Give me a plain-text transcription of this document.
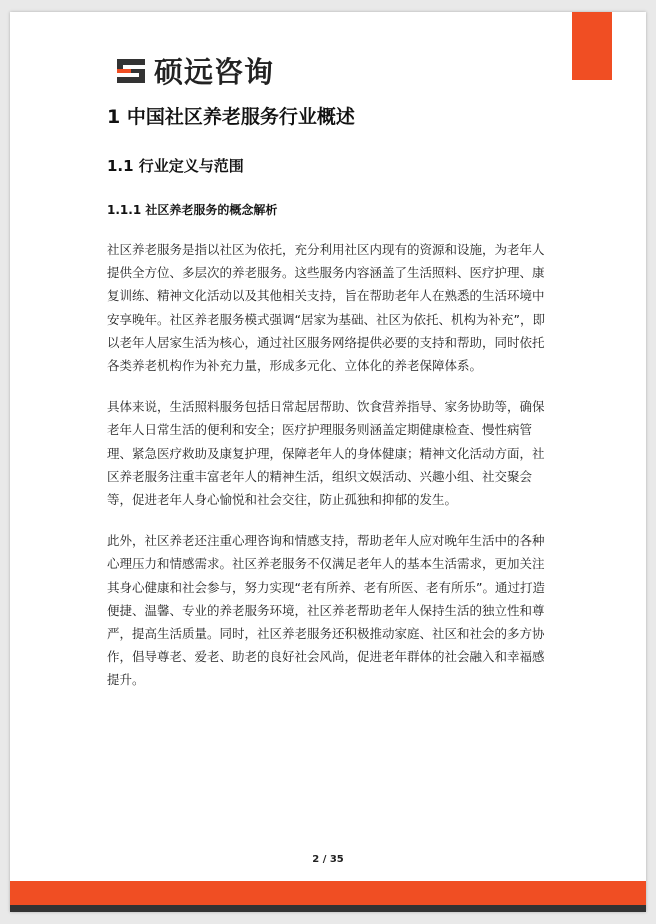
硕远咨询
1 中国社区养老服务行业概述
1.1 行业定义与范围
1.1.1 社区养老服务的概念解析

社区养老服务是指以社区为依托，充分利用社区内现有的资源和设施，为老年人提供全方位、多层次的养老服务。这些服务内容涵盖了生活照料、医疗护理、康复训练、精神文化活动以及其他相关支持，旨在帮助老年人在熟悉的生活环境中安享晚年。社区养老服务模式强调“居家为基础、社区为依托、机构为补充”，即以老年人居家生活为核心，通过社区服务网络提供必要的支持和帮助，同时依托各类养老机构作为补充力量，形成多元化、立体化的养老保障体系。

具体来说，生活照料服务包括日常起居帮助、饮食营养指导、家务协助等，确保老年人日常生活的便利和安全；医疗护理服务则涵盖定期健康检查、慢性病管理、紧急医疗救助及康复护理，保障老年人的身体健康；精神文化活动方面，社区养老服务注重丰富老年人的精神生活，组织文娱活动、兴趣小组、社交聚会等，促进老年人身心愉悦和社会交往，防止孤独和抑郁的发生。

此外，社区养老还注重心理咨询和情感支持，帮助老年人应对晚年生活中的各种心理压力和情感需求。社区养老服务不仅满足老年人的基本生活需求，更加关注其身心健康和社会参与，努力实现“老有所养、老有所医、老有所乐”。通过打造便捷、温馨、专业的养老服务环境，社区养老帮助老年人保持生活的独立性和尊严，提高生活质量。同时，社区养老服务还积极推动家庭、社区和社会的多方协作，倡导尊老、爱老、助老的良好社会风尚，促进老年群体的社会融入和幸福感提升。

2 / 35
